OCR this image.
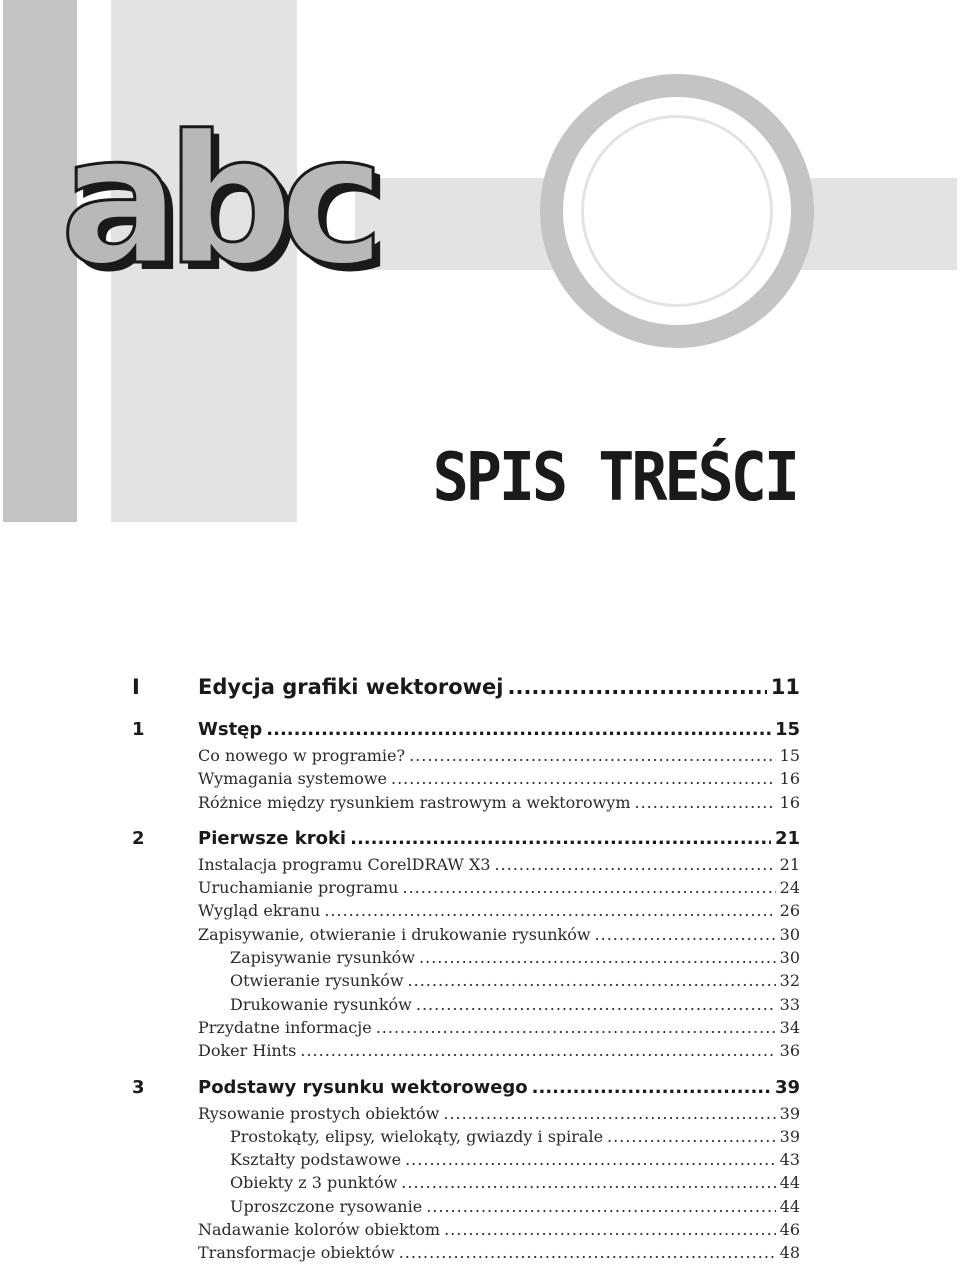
abc
SPIS TREŚCI
I	Edycja grafiki wektorowej .....	11
1	Wstęp .....	15
Co nowego w programie? .....	15
Wymagania systemowe .....	16
Różnice między rysunkiem rastrowym a wektorowym .....	16
2	Pierwsze kroki .....	21
Instalacja programu CorelDRAW X3 .....	21
Uruchamianie programu .....	24
Wygląd ekranu .....	26
Zapisywanie, otwieranie i drukowanie rysunków .....	30
Zapisywanie rysunków .....	30
Otwieranie rysunków .....	32
Drukowanie rysunków .....	33
Przydatne informacje .....	34
Doker Hints .....	36
3	Podstawy rysunku wektorowego .....	39
Rysowanie prostych obiektów .....	39
Prostokąty, elipsy, wielokąty, gwiazdy i spirale .....	39
Kształty podstawowe .....	43
Obiekty z 3 punktów .....	44
Uproszczone rysowanie .....	44
Nadawanie kolorów obiektom .....	46
Transformacje obiektów .....	48
